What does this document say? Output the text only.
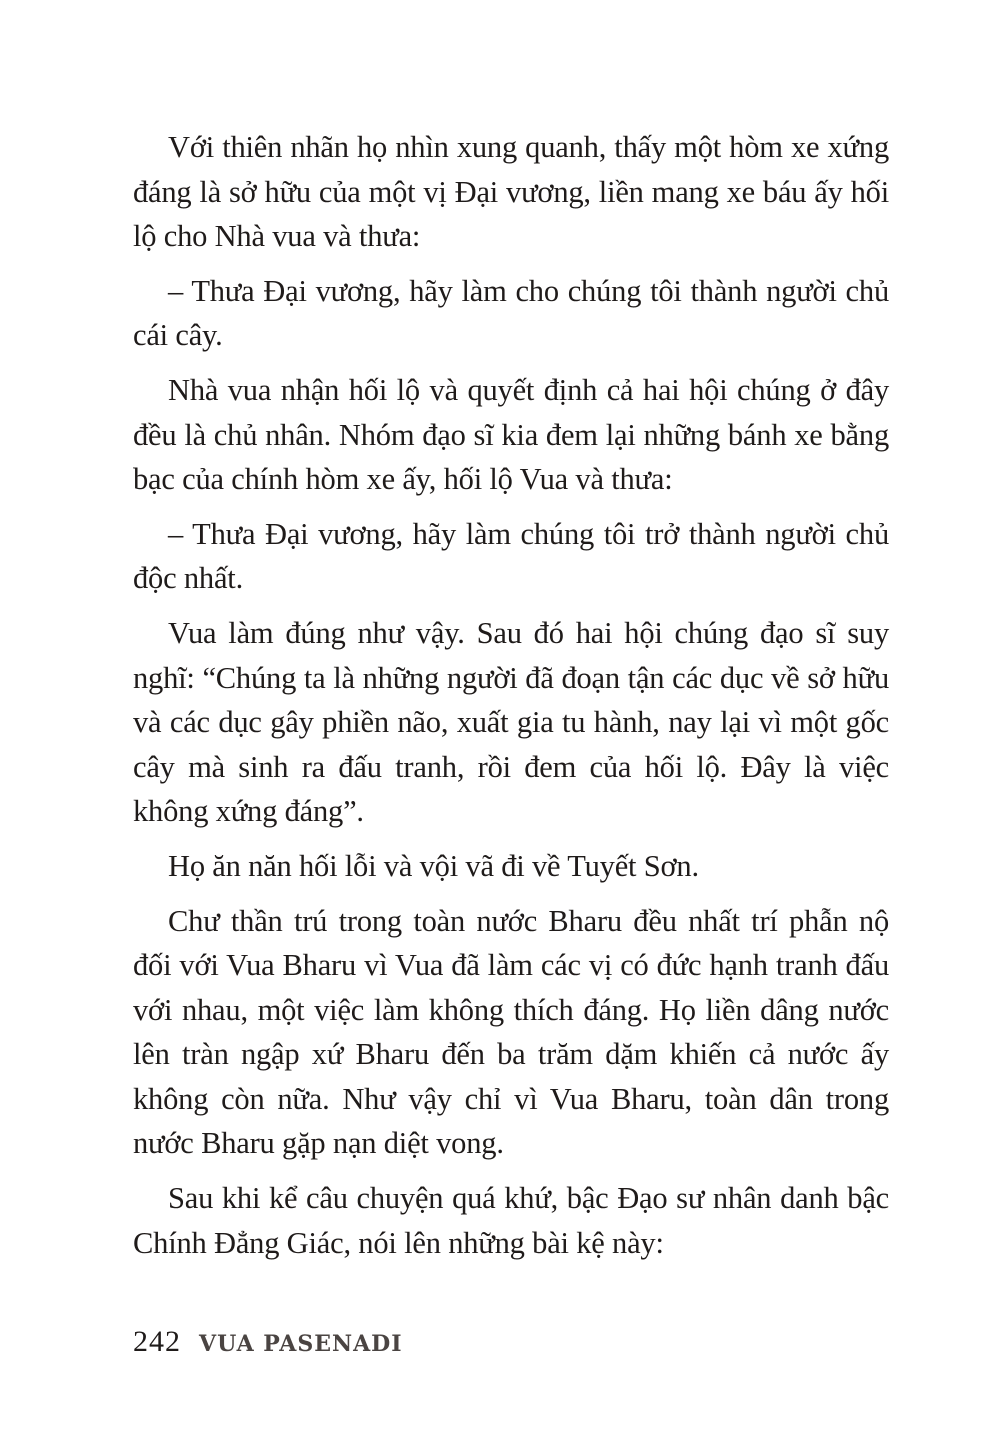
Với thiên nhãn họ nhìn xung quanh, thấy một hòm xe xứng đáng là sở hữu của một vị Đại vương, liền mang xe báu ấy hối lộ cho Nhà vua và thưa:

– Thưa Đại vương, hãy làm cho chúng tôi thành người chủ cái cây.

Nhà vua nhận hối lộ và quyết định cả hai hội chúng ở đây đều là chủ nhân. Nhóm đạo sĩ kia đem lại những bánh xe bằng bạc của chính hòm xe ấy, hối lộ Vua và thưa:

– Thưa Đại vương, hãy làm chúng tôi trở thành người chủ độc nhất.

Vua làm đúng như vậy. Sau đó hai hội chúng đạo sĩ suy nghĩ: “Chúng ta là những người đã đoạn tận các dục về sở hữu và các dục gây phiền não, xuất gia tu hành, nay lại vì một gốc cây mà sinh ra đấu tranh, rồi đem của hối lộ. Đây là việc không xứng đáng”.

Họ ăn năn hối lỗi và vội vã đi về Tuyết Sơn.

Chư thần trú trong toàn nước Bharu đều nhất trí phẫn nộ đối với Vua Bharu vì Vua đã làm các vị có đức hạnh tranh đấu với nhau, một việc làm không thích đáng. Họ liền dâng nước lên tràn ngập xứ Bharu đến ba trăm dặm khiến cả nước ấy không còn nữa. Như vậy chỉ vì Vua Bharu, toàn dân trong nước Bharu gặp nạn diệt vong.

Sau khi kể câu chuyện quá khứ, bậc Đạo sư nhân danh bậc Chính Đẳng Giác, nói lên những bài kệ này:

242 VUA PASENADI
